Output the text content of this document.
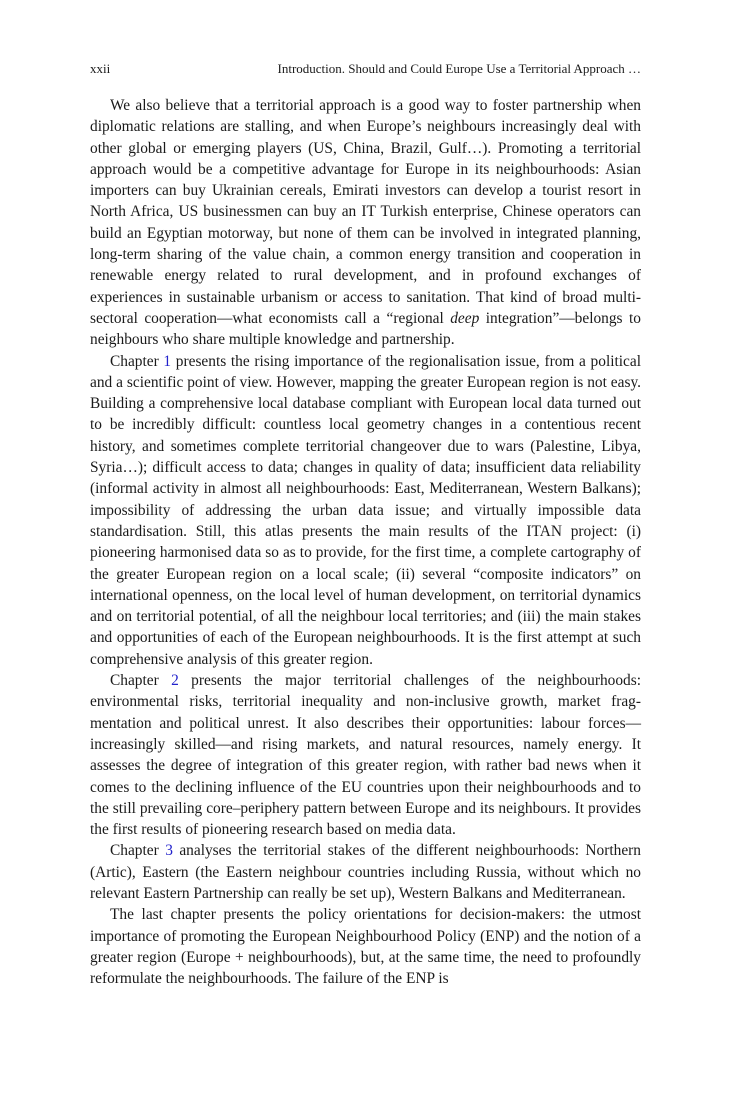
xxii	Introduction. Should and Could Europe Use a Territorial Approach …

We also believe that a territorial approach is a good way to foster partnership when diplomatic relations are stalling, and when Europe’s neighbours increasingly deal with other global or emerging players (US, China, Brazil, Gulf…). Promoting a territorial approach would be a competitive advantage for Europe in its neighbourhoods: Asian importers can buy Ukrainian cereals, Emirati investors can develop a tourist resort in North Africa, US businessmen can buy an IT Turkish enterprise, Chinese operators can build an Egyptian motorway, but none of them can be involved in integrated planning, long-term sharing of the value chain, a common energy transition and cooperation in renewable energy related to rural development, and in profound exchanges of experiences in sustainable urbanism or access to sanitation. That kind of broad multi-sectoral cooperation—what economists call a “regional deep integration”—belongs to neighbours who share multiple knowledge and partnership.

Chapter 1 presents the rising importance of the regionalisation issue, from a political and a scientific point of view. However, mapping the greater European region is not easy. Building a comprehensive local database compliant with European local data turned out to be incredibly difficult: countless local geometry changes in a contentious recent history, and sometimes complete territorial changeover due to wars (Palestine, Libya, Syria…); difficult access to data; changes in quality of data; insufficient data reliability (informal activity in almost all neighbourhoods: East, Mediterranean, Western Balkans); impossibility of addressing the urban data issue; and virtually impossible data standardisation. Still, this atlas presents the main results of the ITAN project: (i) pioneering harmonised data so as to provide, for the first time, a complete cartography of the greater European region on a local scale; (ii) several “composite indicators” on international openness, on the local level of human development, on territorial dynamics and on territorial potential, of all the neighbour local territories; and (iii) the main stakes and opportunities of each of the European neighbourhoods. It is the first attempt at such comprehensive analysis of this greater region.

Chapter 2 presents the major territorial challenges of the neighbourhoods: environmental risks, territorial inequality and non-inclusive growth, market fragmentation and political unrest. It also describes their opportunities: labour forces—increasingly skilled—and rising markets, and natural resources, namely energy. It assesses the degree of integration of this greater region, with rather bad news when it comes to the declining influence of the EU countries upon their neighbourhoods and to the still prevailing core–periphery pattern between Europe and its neighbours. It provides the first results of pioneering research based on media data.

Chapter 3 analyses the territorial stakes of the different neighbourhoods: Northern (Artic), Eastern (the Eastern neighbour countries including Russia, without which no relevant Eastern Partnership can really be set up), Western Balkans and Mediterranean.

The last chapter presents the policy orientations for decision-makers: the utmost importance of promoting the European Neighbourhood Policy (ENP) and the notion of a greater region (Europe + neighbourhoods), but, at the same time, the need to profoundly reformulate the neighbourhoods. The failure of the ENP is
